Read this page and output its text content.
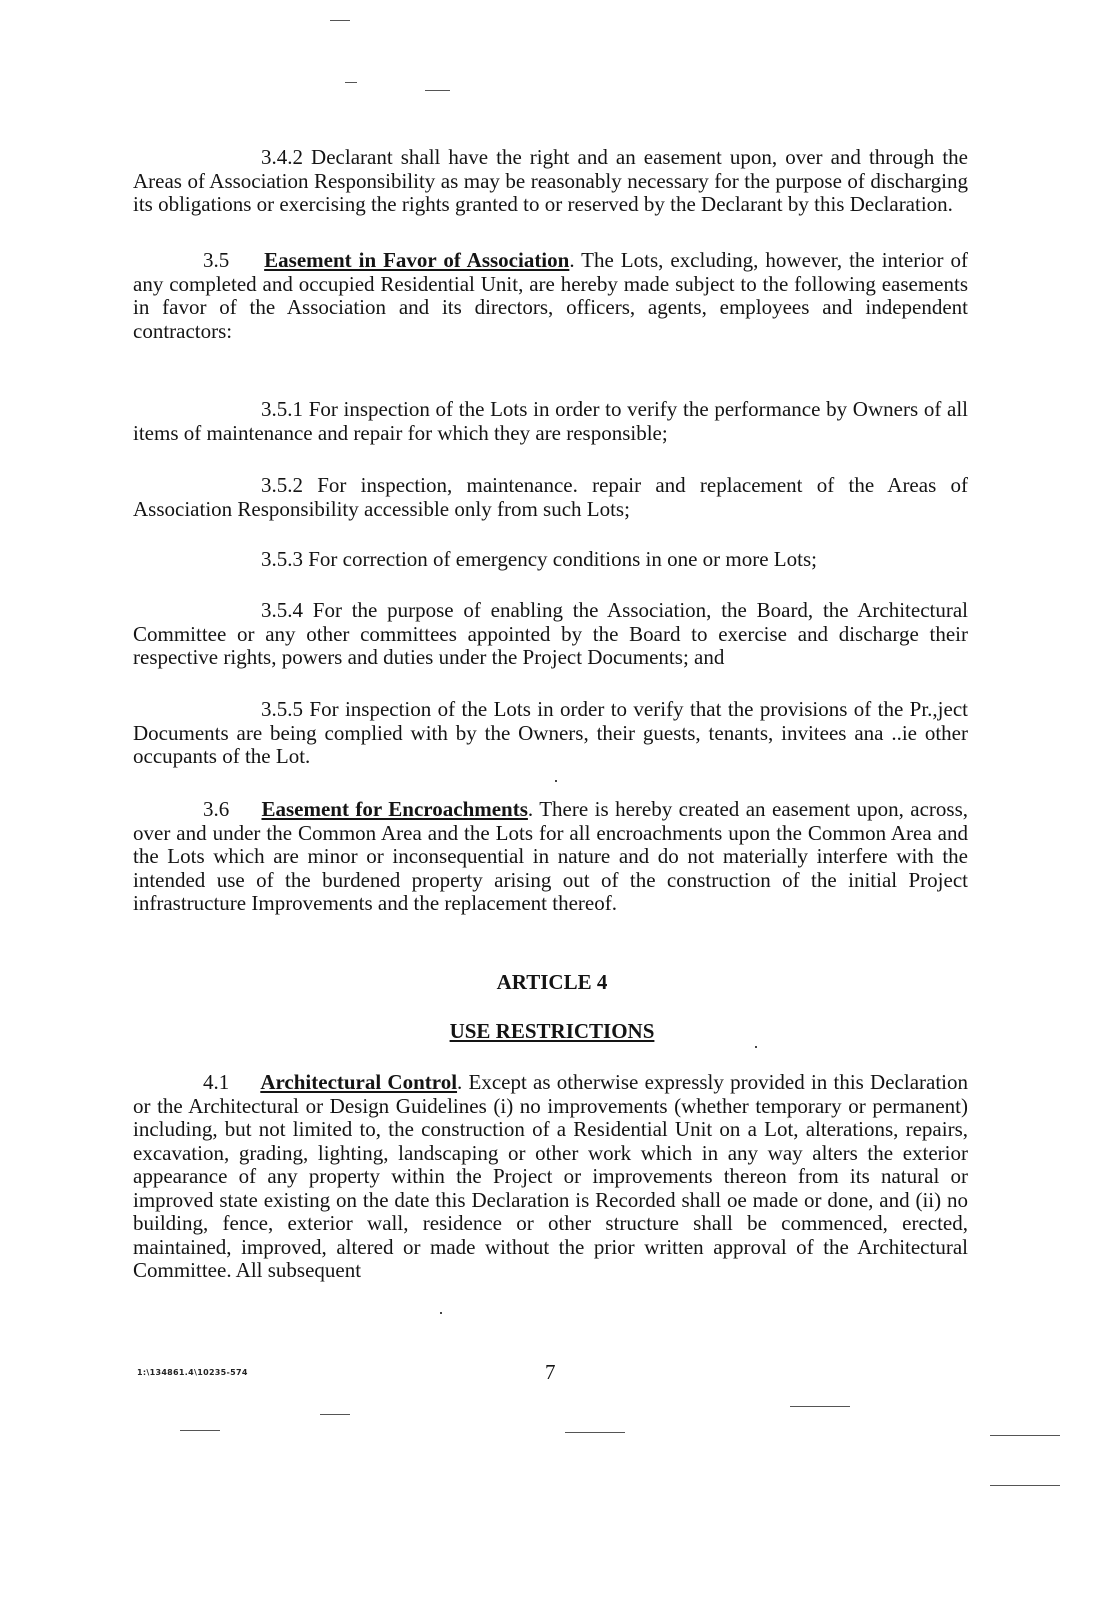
3.4.2 Declarant shall have the right and an easement upon, over and through the Areas of Association Responsibility as may be reasonably necessary for the purpose of discharging its obligations or exercising the rights granted to or reserved by the Declarant by this Declaration.

3.5 Easement in Favor of Association. The Lots, excluding, however, the interior of any completed and occupied Residential Unit, are hereby made subject to the following easements in favor of the Association and its directors, officers, agents, employees and independent contractors:

3.5.1 For inspection of the Lots in order to verify the performance by Owners of all items of maintenance and repair for which they are responsible;

3.5.2 For inspection, maintenance. repair and replacement of the Areas of Association Responsibility accessible only from such Lots;

3.5.3 For correction of emergency conditions in one or more Lots;

3.5.4 For the purpose of enabling the Association, the Board, the Architectural Committee or any other committees appointed by the Board to exercise and discharge their respective rights, powers and duties under the Project Documents; and

3.5.5 For inspection of the Lots in order to verify that the provisions of the Pr.,ject Documents are being complied with by the Owners, their guests, tenants, invitees ana ..ie other occupants of the Lot.

3.6 Easement for Encroachments. There is hereby created an easement upon, across, over and under the Common Area and the Lots for all encroachments upon the Common Area and the Lots which are minor or inconsequential in nature and do not materially interfere with the intended use of the burdened property arising out of the construction of the initial Project infrastructure Improvements and the replacement thereof.

ARTICLE 4

USE RESTRICTIONS

4.1 Architectural Control. Except as otherwise expressly provided in this Declaration or the Architectural or Design Guidelines (i) no improvements (whether temporary or permanent) including, but not limited to, the construction of a Residential Unit on a Lot, alterations, repairs, excavation, grading, lighting, landscaping or other work which in any way alters the exterior appearance of any property within the Project or improvements thereon from its natural or improved state existing on the date this Declaration is Recorded shall oe made or done, and (ii) no building, fence, exterior wall, residence or other structure shall be commenced, erected, maintained, improved, altered or made without the prior written approval of the Architectural Committee. All subsequent

1:\134861.4\10235-574	7
